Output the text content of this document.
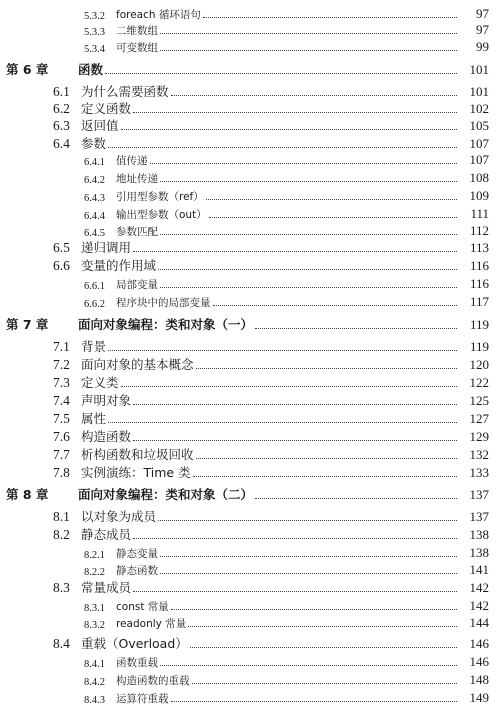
5.3.2	foreach 循环语句	97
5.3.3	二维数组	97
5.3.4	可变数组	99
第 6 章	函数	101
6.1 为什么需要函数	101
6.2 定义函数	102
6.3 返回值	105
6.4 参数	107
6.4.1	值传递	107
6.4.2	地址传递	108
6.4.3	引用型参数（ref）	109
6.4.4	输出型参数（out）	111
6.4.5	参数匹配	112
6.5 递归调用	113
6.6 变量的作用域	116
6.6.1	局部变量	116
6.6.2	程序块中的局部变量	117
第 7 章	面向对象编程：类和对象（一）	119
7.1 背景	119
7.2 面向对象的基本概念	120
7.3 定义类	122
7.4 声明对象	125
7.5 属性	127
7.6 构造函数	129
7.7 析构函数和垃圾回收	132
7.8 实例演练：Time 类	133
第 8 章	面向对象编程：类和对象（二）	137
8.1 以对象为成员	137
8.2 静态成员	138
8.2.1	静态变量	138
8.2.2	静态函数	141
8.3 常量成员	142
8.3.1	const 常量	142
8.3.2	readonly 常量	144
8.4 重载（Overload）	146
8.4.1	函数重载	146
8.4.2	构造函数的重载	148
8.4.3	运算符重载	149
